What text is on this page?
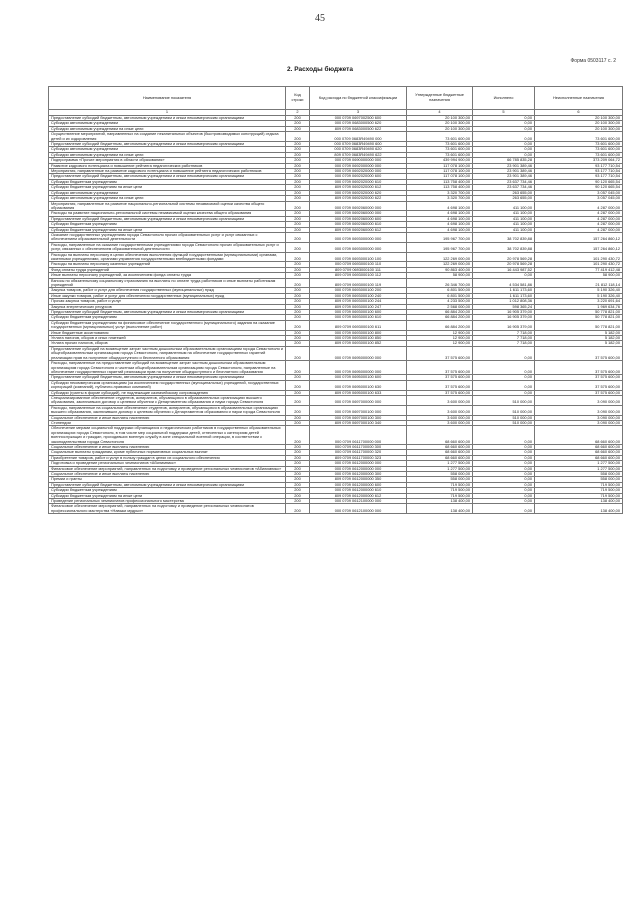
45
Форма 0503117 с. 2
2. Расходы бюджета
Наименование показателя	Код строки	Код расхода по бюджетной классификации	Утвержденные бюджетные назначения	Исполнено	Неисполненные назначения
1	2	3	4	5	6
Предоставление субсидий бюджетным, автономным учреждениям и иным некоммерческим организациям	200	000 0709 0697002500 600	20 100 300,00	0,00	20 100 300,00
Субсидии автономным учреждениям	200	000 0709 0683000500 620	20 100 300,00	0,00	20 100 300,00
Субсидии автономным учреждениям на иные цели	200	809 0709 0683000500 622	20 100 300,00	0,00	20 100 300,00
Осуществление мероприятий, направленных на создание некапитальных объектов (быстровозводимых конструкций) отдыха детей и их оздоровления	200	000 0709 0683R49490 000	73 601 600,00	0,00	73 601 600,00
Предоставление субсидий бюджетным, автономным учреждениям и иным некоммерческим организациям	200	000 0709 0683R49490 600	73 601 600,00	0,00	73 601 600,00
Субсидии автономным учреждениям	200	000 0709 0683R49490 620	73 601 600,00	0,00	73 601 600,00
Субсидии автономным учреждениям на иные цели	200	809 0709 0683R49490 622	73 601 600,00	0,00	73 601 600,00
Подпрограмма «Прочие мероприятия в области образования»	200	000 0709 0690000000 000	439 994 900,00	66 785 835,28	373 209 064,72
Развитие кадрового потенциала и повышение рейтинга педагогических работников	200	000 0709 0692000000 000	117 078 100,00	23 901 389,46	93 177 710,54
Мероприятия, направленные на развитие кадрового потенциала и повышение рейтинга педагогических работников	200	000 0709 0692020000 000	117 078 100,00	23 901 389,46	93 177 710,54
Предоставление субсидий бюджетным, автономным учреждениям и иным некоммерческим организациям	200	000 0709 0692020000 600	117 078 100,00	23 901 389,46	93 177 710,54
Субсидии бюджетным учреждениям	200	000 0709 0692020000 610	113 758 400,00	23 637 734,46	90 120 665,54
Субсидии бюджетным учреждениям на иные цели	200	809 0709 0692020000 612	113 758 400,00	23 637 734,46	90 120 665,54
Субсидии автономным учреждениям	200	000 0709 0692020000 620	3 320 700,00	263 655,00	3 057 045,00
Субсидии автономным учреждениям на иные цели	200	809 0709 0692020000 622	3 320 700,00	263 655,00	3 057 045,00
Мероприятия, направленные на развитие национально-региональной системы независимой оценки качества общего образования	200	000 0709 0692060000 000	4 698 100,00	411 100,00	4 287 000,00
Расходы на развитие национально-региональной системы независимой оценки качества общего образования	200	000 0709 0692060000 000	4 698 100,00	411 100,00	4 287 000,00
Предоставление субсидий бюджетным, автономным учреждениям и иным некоммерческим организациям	200	000 0709 0692060000 600	4 698 100,00	411 100,00	4 287 000,00
Субсидии бюджетным учреждениям	200	000 0709 0692060000 610	4 698 100,00	411 100,00	4 287 000,00
Субсидии бюджетным учреждениям на иные цели	200	809 0709 0692060000 612	4 698 100,00	411 100,00	4 287 000,00
Оказание государственных учреждениям города Севастополя прочих образовательных услуг и услуг связанных с обеспечением образовательной деятельности	200	000 0709 0693000000 000	195 967 700,00	38 702 839,88	157 264 860,12
Расходы, направленные на оказание государственными учреждениями города Севастополя прочих образовательных услуг и услуг, связанных с обеспечением образовательной деятельности	200	000 0709 0693000000 000	195 967 700,00	38 702 839,88	157 264 860,12
Расходы на выплаты персоналу в целях обеспечения выполнения функций государственными (муниципальными) органами, казенными учреждениями, органами управления государственными внебюджетными фондами	200	000 0709 0693000100 100	122 269 000,00	20 978 569,28	101 290 430,72
Расходы на выплаты персоналу казенных учреждений	200	000 0709 0693000100 110	122 269 000,00	20 978 569,28	101 290 430,72
Фонд оплаты труда учреждений	200	809 0709 0693000100 111	90 863 400,00	16 443 987,52	77 419 412,48
Иные выплаты персоналу учреждений, за исключением фонда оплаты труда	200	809 0709 0693000100 112	58 900,00	0,00	58 900,00
Взносы по обязательному социальному страхованию на выплаты по оплате труда работников и иные выплаты работникам учреждений	200	809 0709 0693000100 119	26 346 700,00	4 534 581,86	21 812 118,14
Закупка товаров, работ и услуг для обеспечения государственных (муниципальных) нужд	200	000 0709 0693000100 200	6 801 500,00	1 611 173,60	5 190 326,40
Иные закупки товаров, работ и услуг для обеспечения государственных (муниципальных) нужд	200	000 0709 0693000100 240	6 801 500,00	1 611 173,60	5 190 326,40
Прочая закупка товаров, работ и услуг	200	809 0709 0693000100 244	4 233 500,00	1 012 808,36	3 220 691,64
Закупка энергетических ресурсов	200	809 0709 0693000100 247	2 568 000,00	598 365,24	1 969 634,76
Предоставление субсидий бюджетным, автономным учреждениям и иным некоммерческим организациям	200	000 0709 0693000100 600	66 884 200,00	16 905 379,00	50 778 821,00
Субсидии бюджетным учреждениям	200	000 0709 0693000100 610	66 884 200,00	16 905 379,00	50 778 821,00
Субсидии бюджетным учреждениям на финансовое обеспечение государственного (муниципального) задания на оказание государственных (муниципальных) услуг (выполнение работ)	200	809 0709 0693000100 611	66 884 200,00	16 905 379,00	50 778 821,00
Иные бюджетные ассигнования	200	000 0709 0693000100 800	12 900,00	7 718,00	5 182,00
Уплата налогов, сборов и иных платежей	200	000 0709 0693000100 850	12 900,00	7 718,00	5 182,00
Уплата прочих налогов, сборов	200	809 0709 0693000100 852	12 900,00	7 718,00	5 182,00
Предоставление субсидий на возмещение затрат частным дошкольным образовательным организациям города Севастополя и общеобразовательным организациям города Севастополя, направленным на обеспечение государственных гарантий реализации прав на получение общедоступного и бесплатного образования	200	000 0709 0695000000 000	37 575 600,00	0,00	37 575 600,00
Расходы, направленные на предоставление субсидий на возмещение затрат частным дошкольным образовательным организациям города Севастополя и частным общеобразовательным организациям города Севастополя, направленные на обеспечение государственных гарантий реализации прав на получение общедоступного и бесплатного образования	200	000 0709 0695000000 000	37 575 600,00	0,00	37 575 600,00
Предоставление субсидий бюджетным, автономным учреждениям и иным некоммерческим организациям	200	000 0709 0695000100 600	37 575 600,00	0,00	37 575 600,00
Субсидии некоммерческим организациям (за исключением государственных (муниципальных) учреждений, государственных корпораций (компаний), публично-правовых компаний)	200	000 0709 0695000100 630	37 575 600,00	0,00	37 575 600,00
Субсидии (гранты в форме субсидий), не подлежащие казначейскому сопровождению	200	809 0709 0695000100 633	37 575 600,00	0,00	37 575 600,00
Специализированное обеспечение студентов, аспирантов, обучающихся в образовательных организациях высшего образования, заключивших договор о целевом обучении с Департаментом образования и науки города Севастополя	200	000 0709 0697000000 000	3 600 000,00	510 000,00	3 090 000,00
Расходы, направленные на социальное обеспечение студентов, аспирантов, обучающихся в образовательных организациях высшего образования, заключивших договор о целевом обучении с Департаментом образования и науки города Севастополя	200	000 0709 0697000100 000	3 600 000,00	510 000,00	3 090 000,00
Социальное обеспечение и иные выплаты населению	200	000 0709 0697000100 300	3 600 000,00	510 000,00	3 090 000,00
Стипендии	200	809 0709 0697000100 340	3 600 000,00	510 000,00	3 090 000,00
Обеспечение мерами социальной поддержки обучающихся и педагогических работников в государственных образовательных организациях города Севастополя, в том числе мер социальной поддержки детей, отнесенных к категориям детей военнослужащих и граждан, проходивших военную службу в зоне специальной военной операции, в соответствии с законодательством города Севастополя	200	000 0709 0611700000 000	68 660 600,00	0,00	68 660 600,00
Социальное обеспечение и иные выплаты населению	200	000 0709 0611700000 300	68 660 600,00	0,00	68 660 600,00
Социальные выплаты гражданам, кроме публичных нормативных социальных выплат	200	000 0709 0611700000 320	68 660 600,00	0,00	68 660 600,00
Приобретение товаров, работ и услуг в пользу граждан в целях их социального обеспечения	200	809 0709 0611700000 323	68 660 600,00	0,00	68 660 600,00
Подготовка и проведение региональных чемпионатов «Абилимпикс»	200	000 0709 0612000000 000	1 277 500,00	0,00	1 277 500,00
Финансовое обеспечение мероприятий, направленных на подготовку и проведение региональных чемпионатов «Абилимпикс»	200	000 0709 0612000000 000	1 277 500,00	0,00	1 277 500,00
Социальное обеспечение и иные выплаты населению	200	000 0709 0612000000 300	558 000,00	0,00	558 000,00
Премии и гранты	200	809 0709 0612000000 350	558 000,00	0,00	558 000,00
Предоставление субсидий бюджетным, автономным учреждениям и иным некоммерческим организациям	200	000 0709 0612000000 600	719 500,00	0,00	719 500,00
Субсидии бюджетным учреждениям	200	000 0709 0612000000 610	719 500,00	0,00	719 500,00
Субсидии бюджетным учреждениям на иные цели	200	809 0709 0612000000 612	719 500,00	0,00	719 500,00
Проведение региональных чемпионатов профессионального мастерства	200	000 0709 0612100000 000	138 400,00	0,00	138 400,00
Финансовое обеспечение мероприятий, направленных на подготовку и проведение региональных чемпионатов профессионального мастерства «Навыки мудрых»	200	000 0709 0612100000 000	138 400,00	0,00	138 400,00
